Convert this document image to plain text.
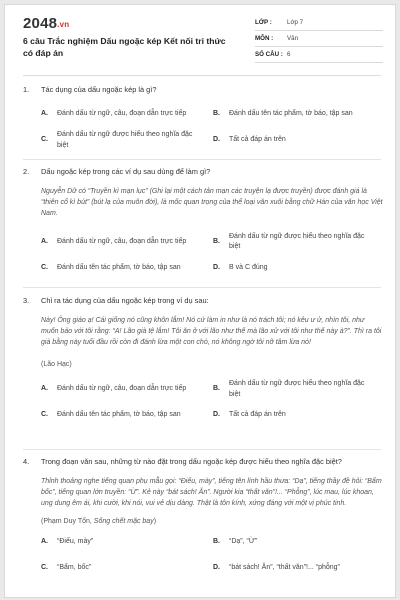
2048.vn
6 câu Trắc nghiệm Dấu ngoặc kép Kết nối tri thức có đáp án
LỚP :	Lớp 7
MÔN :	Văn
SỐ CÂU : 6
1.	Tác dụng của dấu ngoặc kép là gì?
A.	Đánh dấu từ ngữ, câu, đoạn dẫn trực tiếp	B.	Đánh dấu tên tác phẩm, tờ báo, tập san
C.
Đánh dấu từ ngữ được hiểu theo nghĩa đặc biệt
D.	Tất cả đáp án trên
2.	Dấu ngoặc kép trong các ví dụ sau dùng để làm gì?
Nguyễn Dữ có “Truyền kì mạn lục” (Ghi lại một cách tản mạn các truyện lạ được truyền) được đánh giá là “thiên cổ kì bút” (bút lạ của muôn đời), là mốc quan trọng của thể loại văn xuôi bằng chữ Hán của văn học Việt Nam.
A.	Đánh dấu từ ngữ, câu, đoạn dẫn trực tiếp	B.
Đánh dấu từ ngữ được hiểu theo nghĩa đặc biệt
C.	Đánh dấu tên tác phẩm, tờ báo, tập san	D.	B và C đúng
3.	Chỉ ra tác dụng của dấu ngoặc kép trong ví dụ sau:
Này! Ông giáo ạ! Cái giống nó cũng khôn lắm! Nó cứ làm in như là nó trách tôi; nó kêu ư ử, nhìn tôi, như muốn bảo với tôi rằng: “A! Lão già tệ lắm! Tôi ăn ở với lão như thế mà lão xử với tôi như thế này à?”. Thì ra tôi già bằng này tuổi đầu rồi còn đi đánh lừa một con chó, nó không ngờ tôi nỡ tâm lừa nó!
(Lão Hạc)
A.	Đánh dấu từ ngữ, câu, đoạn dẫn trực tiếp	B.
Đánh dấu từ ngữ được hiểu theo nghĩa đặc biệt
C.	Đánh dấu tên tác phẩm, tờ báo, tập san	D.	Tất cả đáp án trên
4.	Trong đoạn văn sau, những từ nào đặt trong dấu ngoặc kép được hiểu theo nghĩa đặc biệt?
Thỉnh thoảng nghe tiếng quan phụ mẫu gọi: “Điếu, mày”, tiếng tên lính hầu thưa: “Dạ”, tiếng thầy đề hỏi: “Bẩm bốc”, tiếng quan lớn truyền: “Ừ”. Kẻ này “bát sách! Ăn”. Người kia “thất văn”!... “Phỗng”, lúc mau, lúc khoan, ung dung êm ái, khi cười, khi nói, vui vẻ dịu dàng. Thật là tôn kính, xứng đáng với một vị phúc tinh.
(Phạm Duy Tốn, Sống chết mặc bay)
A.	“Điếu, mày”	B.	“Dạ”, “Ừ”
C.	“Bẩm, bốc”	D.	“bát sách! Ăn”, “thất văn”!... “phỗng”
